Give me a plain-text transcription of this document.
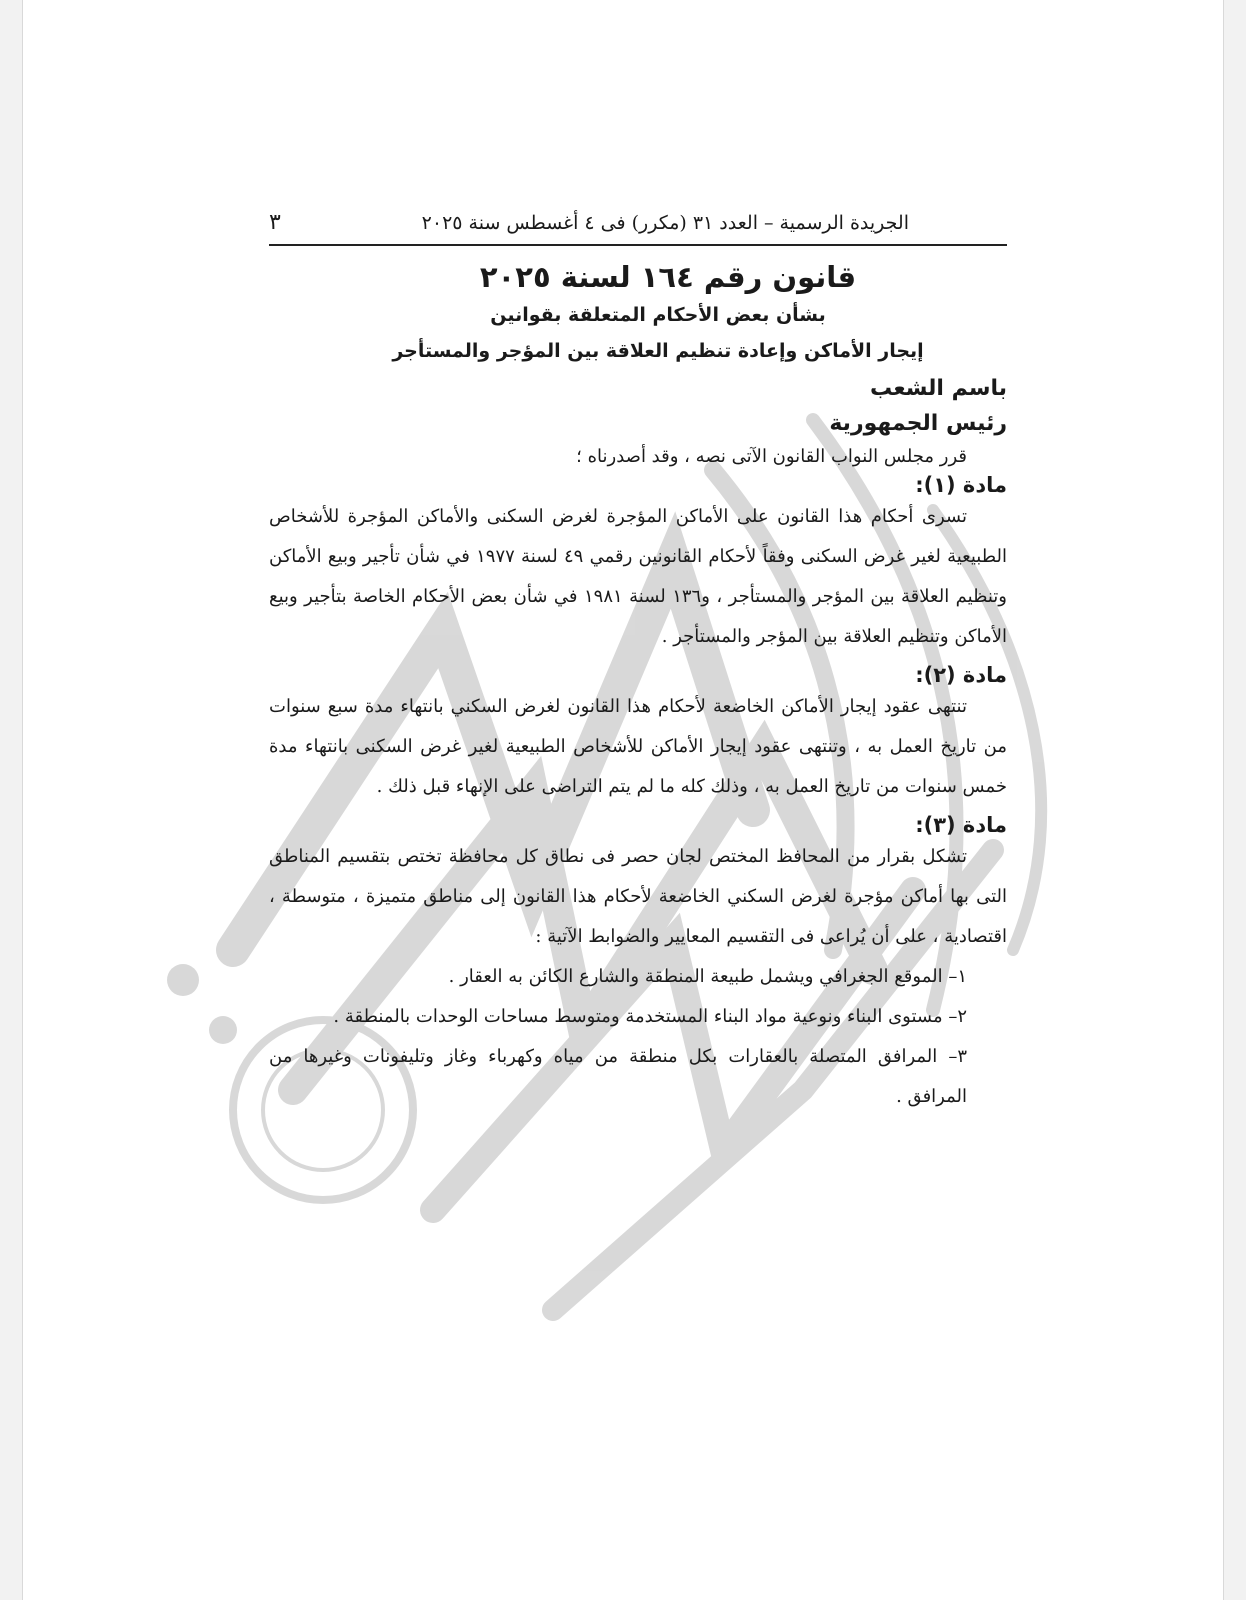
الجريدة الرسمية – العدد ٣١ (مكرر) فى ٤ أغسطس سنة ٢٠٢٥
٣
قانون رقم ١٦٤ لسنة ٢٠٢٥
بشأن بعض الأحكام المتعلقة بقوانين
إيجار الأماكن وإعادة تنظيم العلاقة بين المؤجر والمستأجر
باسم الشعب
رئيس الجمهورية
قرر مجلس النواب القانون الآتى نصه ، وقد أصدرناه ؛
مادة (١):

تسرى أحكام هذا القانون على الأماكن المؤجرة لغرض السكنى والأماكن المؤجرة للأشخاص الطبيعية لغير غرض السكنى وفقاً لأحكام القانونين رقمي ٤٩ لسنة ١٩٧٧ في شأن تأجير وبيع الأماكن وتنظيم العلاقة بين المؤجر والمستأجر ، و١٣٦ لسنة ١٩٨١ في شأن بعض الأحكام الخاصة بتأجير وبيع الأماكن وتنظيم العلاقة بين المؤجر والمستأجر .

مادة (٢):

تنتهى عقود إيجار الأماكن الخاضعة لأحكام هذا القانون لغرض السكني بانتهاء مدة سبع سنوات من تاريخ العمل به ، وتنتهى عقود إيجار الأماكن للأشخاص الطبيعية لغير غرض السكنى بانتهاء مدة خمس سنوات من تاريخ العمل به ، وذلك كله ما لم يتم التراضى على الإنهاء قبل ذلك .

مادة (٣):

تشكل بقرار من المحافظ المختص لجان حصر فى نطاق كل محافظة تختص بتقسيم المناطق التى بها أماكن مؤجرة لغرض السكني الخاضعة لأحكام هذا القانون إلى مناطق متميزة ، متوسطة ، اقتصادية ، على أن يُراعى فى التقسيم المعايير والضوابط الآتية :

١– الموقع الجغرافي ويشمل طبيعة المنطقة والشارع الكائن به العقار .

٢– مستوى البناء ونوعية مواد البناء المستخدمة ومتوسط مساحات الوحدات بالمنطقة .

٣– المرافق المتصلة بالعقارات بكل منطقة من مياه وكهرباء وغاز وتليفونات وغيرها من المرافق .
